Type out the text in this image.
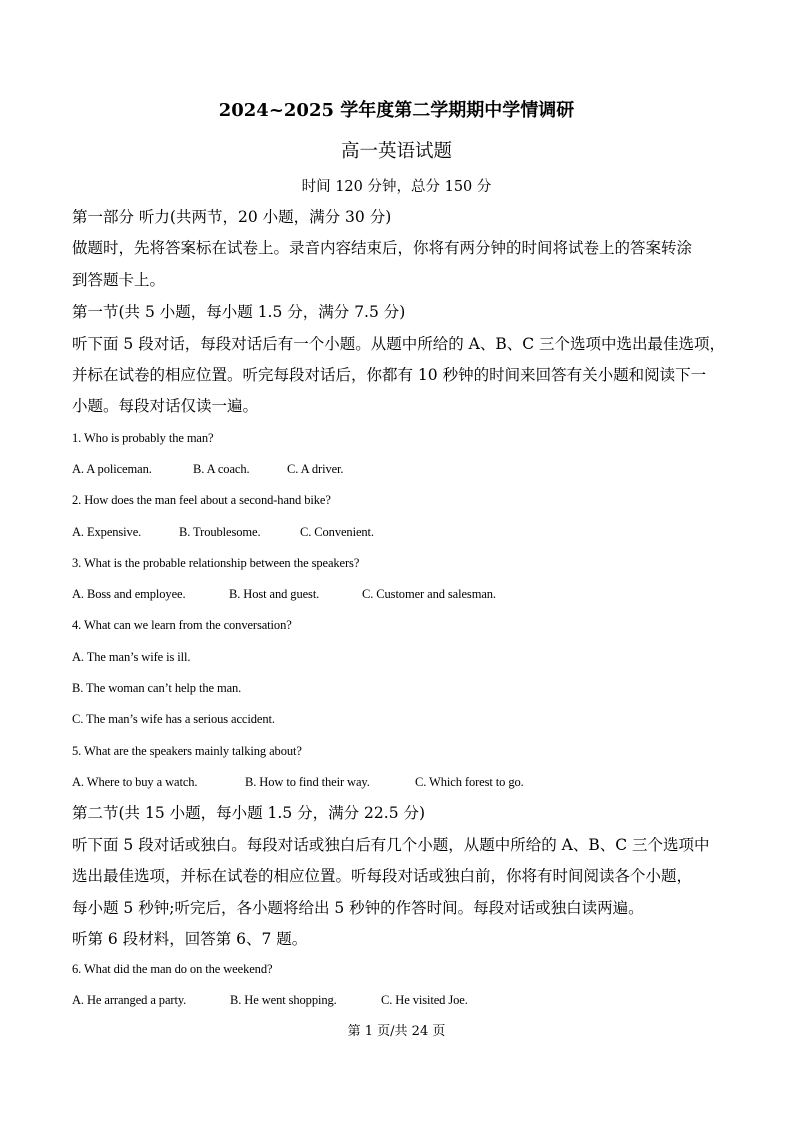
2024~2025 学年度第二学期期中学情调研
高一英语试题
时间 120 分钟，总分 150 分
第一部分 听力(共两节，20 小题，满分 30 分)
做题时，先将答案标在试卷上。录音内容结束后，你将有两分钟的时间将试卷上的答案转涂
到答题卡上。
第一节(共 5 小题，每小题 1.5 分，满分 7.5 分)
听下面 5 段对话，每段对话后有一个小题。从题中所给的 A、B、C 三个选项中选出最佳选项，
并标在试卷的相应位置。听完每段对话后，你都有 10 秒钟的时间来回答有关小题和阅读下一
小题。每段对话仅读一遍。
1. Who is probably the man?
A. A policeman.	B. A coach.	C. A driver.
2. How does the man feel about a second-hand bike?
A. Expensive.	B. Troublesome.	C. Convenient.
3. What is the probable relationship between the speakers?
A. Boss and employee.	B. Host and guest.	C. Customer and salesman.
4. What can we learn from the conversation?
A. The man’s wife is ill.
B. The woman can’t help the man.
C. The man’s wife has a serious accident.
5. What are the speakers mainly talking about?
A. Where to buy a watch.	B. How to find their way.	C. Which forest to go.
第二节(共 15 小题，每小题 1.5 分，满分 22.5 分)
听下面 5 段对话或独白。每段对话或独白后有几个小题，从题中所给的 A、B、C 三个选项中
选出最佳选项，并标在试卷的相应位置。听每段对话或独白前，你将有时间阅读各个小题，
每小题 5 秒钟;听完后，各小题将给出 5 秒钟的作答时间。每段对话或独白读两遍。
听第 6 段材料，回答第 6、7 题。
6. What did the man do on the weekend?
A. He arranged a party.	B. He went shopping.	C. He visited Joe.
第 1 页/共 24 页
